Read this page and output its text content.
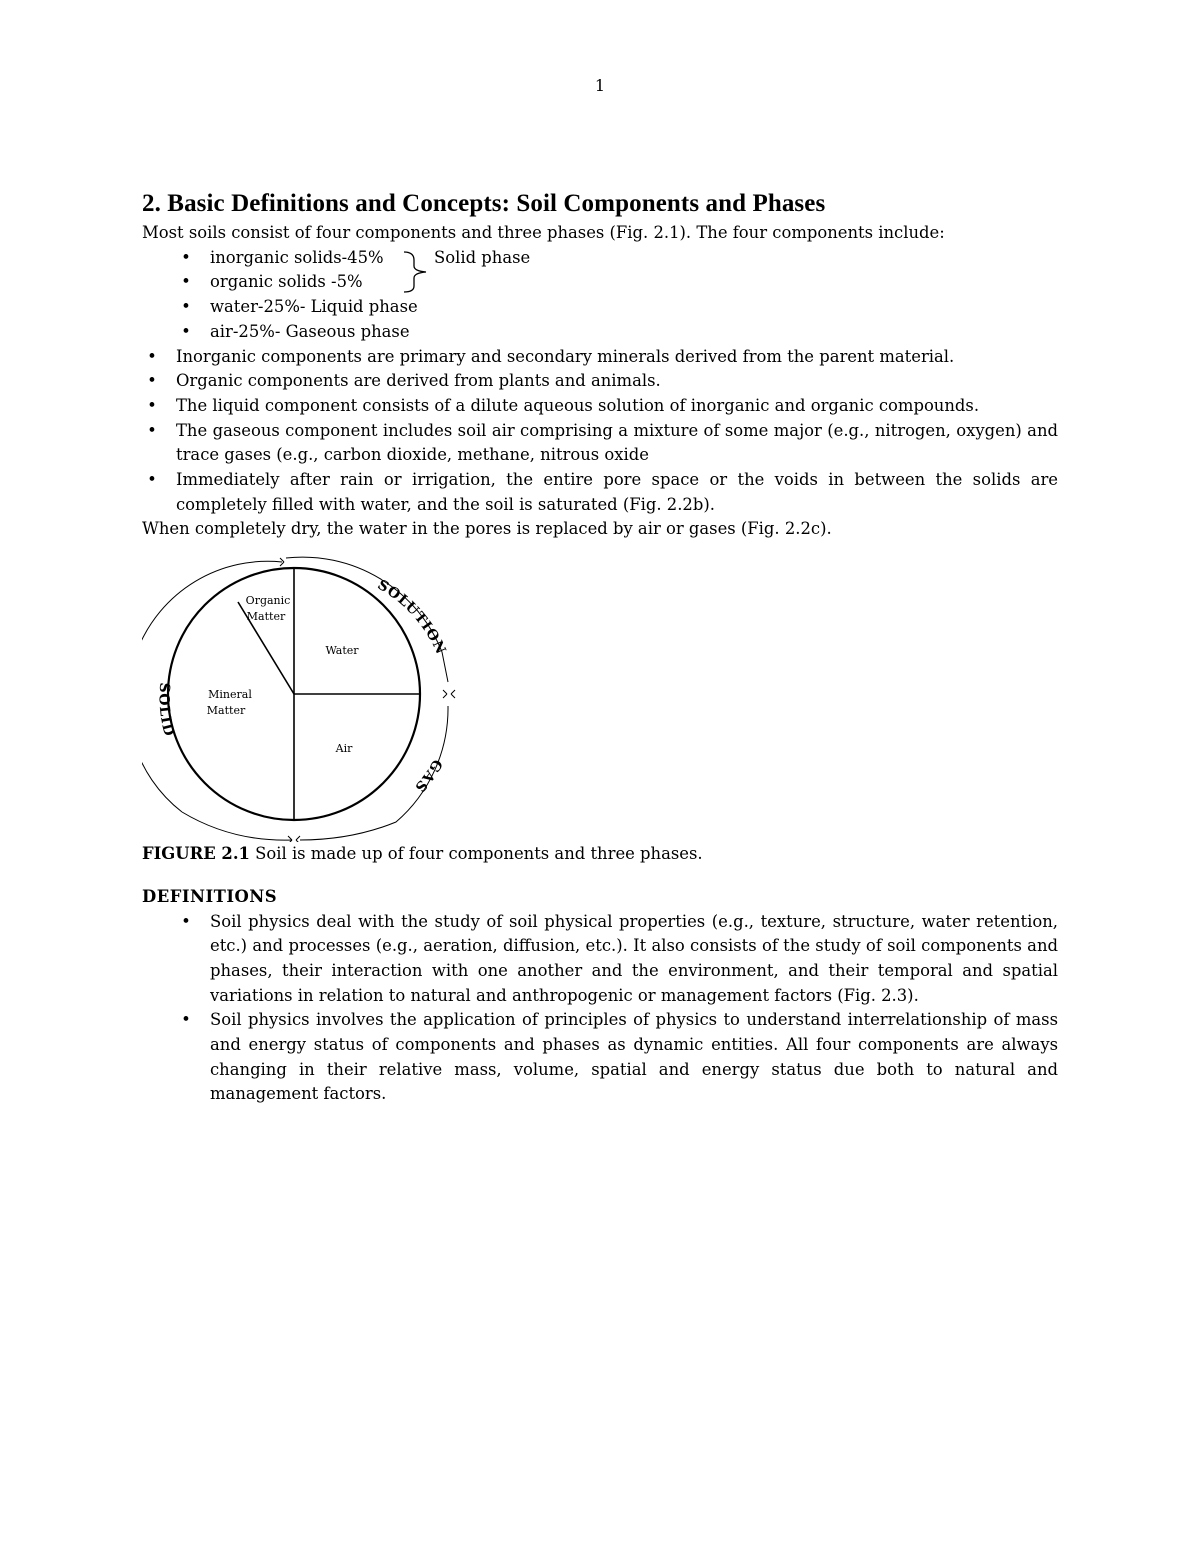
1
2. Basic Definitions and Concepts: Soil Components and Phases

Most soils consist of four components and three phases (Fig. 2.1). The four components include:

•	inorganic solids-45%
•	organic solids -5%
•	water-25%- Liquid phase
•	air-25%- Gaseous phase
Solid phase
•	Inorganic components are primary and secondary minerals derived from the parent material.
•	Organic components are derived from plants and animals.
•	The liquid component consists of a dilute aqueous solution of inorganic and organic compounds.
•	The gaseous component includes soil air comprising a mixture of some major (e.g., nitrogen, oxygen) and trace gases (e.g., carbon dioxide, methane, nitrous oxide
•	Immediately after rain or irrigation, the entire pore space or the voids in between the solids are completely filled with water, and the soil is saturated (Fig. 2.2b).

When completely dry, the water in the pores is replaced by air or gases (Fig. 2.2c).

Organic
Matter
Water
Mineral
Matter
Air
SOLUTION
SOLID
GAS

FIGURE 2.1 Soil is made up of four components and three phases.

DEFINITIONS
•	Soil physics deal with the study of soil physical properties (e.g., texture, structure, water retention, etc.) and processes (e.g., aeration, diffusion, etc.). It also consists of the study of soil components and phases, their interaction with one another and the environment, and their temporal and spatial variations in relation to natural and anthropogenic or management factors (Fig. 2.3).
•	Soil physics involves the application of principles of physics to understand interrelationship of mass and energy status of components and phases as dynamic entities. All four components are always changing in their relative mass, volume, spatial and energy status due both to natural and management factors.
